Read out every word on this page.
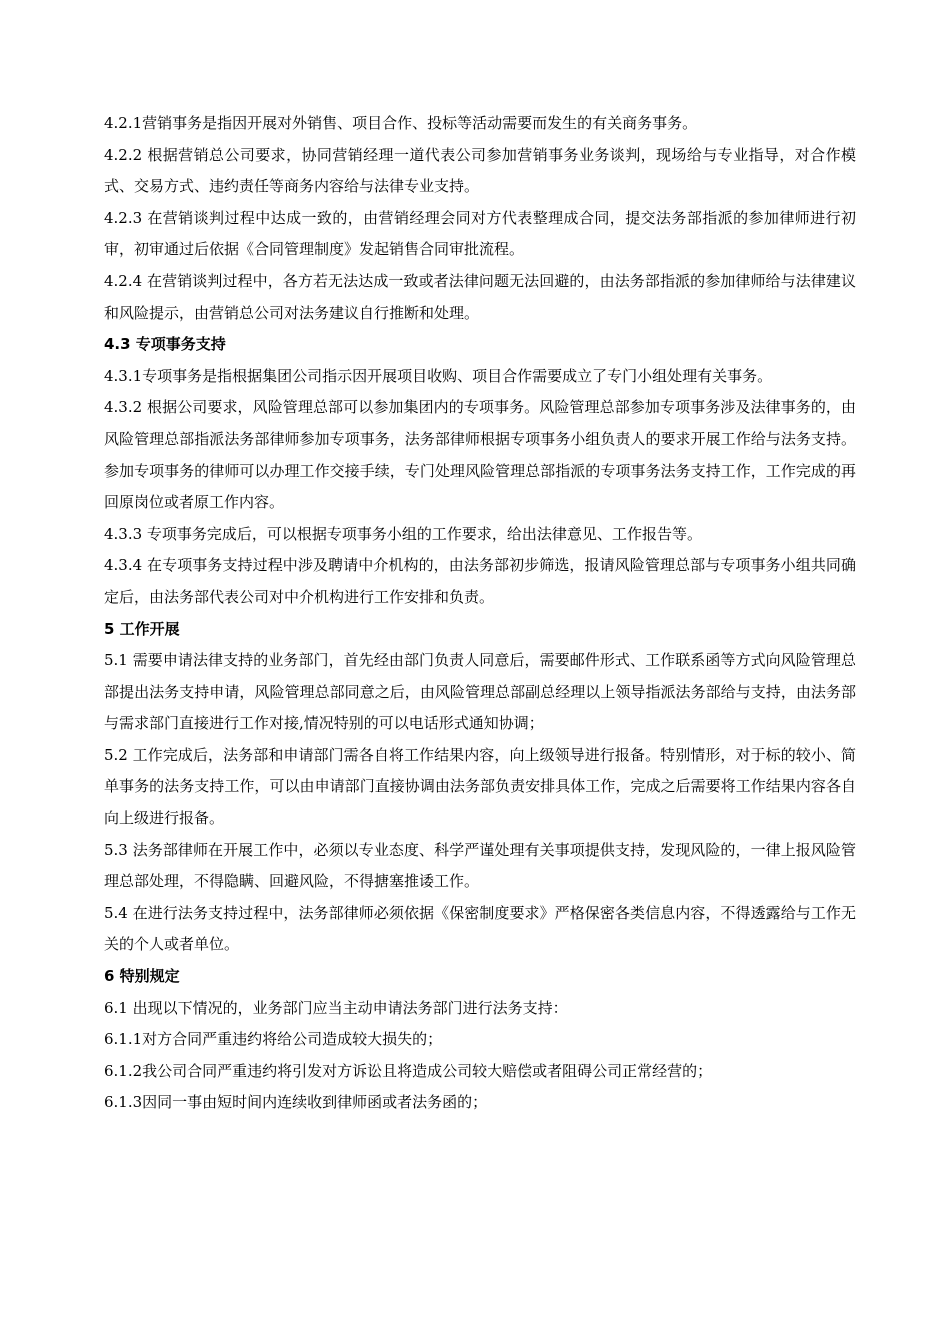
4.2.1营销事务是指因开展对外销售、项目合作、投标等活动需要而发生的有关商务事务。

4.2.2 根据营销总公司要求，协同营销经理一道代表公司参加营销事务业务谈判，现场给与专业指导，对合作模式、交易方式、违约责任等商务内容给与法律专业支持。

4.2.3 在营销谈判过程中达成一致的，由营销经理会同对方代表整理成合同，提交法务部指派的参加律师进行初审，初审通过后依据《合同管理制度》发起销售合同审批流程。

4.2.4 在营销谈判过程中，各方若无法达成一致或者法律问题无法回避的，由法务部指派的参加律师给与法律建议和风险提示，由营销总公司对法务建议自行推断和处理。

4.3 专项事务支持

4.3.1专项事务是指根据集团公司指示因开展项目收购、项目合作需要成立了专门小组处理有关事务。

4.3.2 根据公司要求，风险管理总部可以参加集团内的专项事务。风险管理总部参加专项事务涉及法律事务的，由风险管理总部指派法务部律师参加专项事务，法务部律师根据专项事务小组负责人的要求开展工作给与法务支持。参加专项事务的律师可以办理工作交接手续，专门处理风险管理总部指派的专项事务法务支持工作，工作完成的再回原岗位或者原工作内容。

4.3.3 专项事务完成后，可以根据专项事务小组的工作要求，给出法律意见、工作报告等。

4.3.4 在专项事务支持过程中涉及聘请中介机构的，由法务部初步筛选，报请风险管理总部与专项事务小组共同确定后，由法务部代表公司对中介机构进行工作安排和负责。

5 工作开展

5.1 需要申请法律支持的业务部门，首先经由部门负责人同意后，需要邮件形式、工作联系函等方式向风险管理总部提出法务支持申请，风险管理总部同意之后，由风险管理总部副总经理以上领导指派法务部给与支持，由法务部与需求部门直接进行工作对接,情况特别的可以电话形式通知协调；

5.2 工作完成后，法务部和申请部门需各自将工作结果内容，向上级领导进行报备。特别情形，对于标的较小、简单事务的法务支持工作，可以由申请部门直接协调由法务部负责安排具体工作，完成之后需要将工作结果内容各自向上级进行报备。

5.3 法务部律师在开展工作中，必须以专业态度、科学严谨处理有关事项提供支持，发现风险的，一律上报风险管理总部处理，不得隐瞒、回避风险，不得搪塞推诿工作。

5.4 在进行法务支持过程中，法务部律师必须依据《保密制度要求》严格保密各类信息内容，不得透露给与工作无关的个人或者单位。

6 特别规定

6.1 出现以下情况的，业务部门应当主动申请法务部门进行法务支持：

6.1.1对方合同严重违约将给公司造成较大损失的；

6.1.2我公司合同严重违约将引发对方诉讼且将造成公司较大赔偿或者阻碍公司正常经营的；

6.1.3因同一事由短时间内连续收到律师函或者法务函的；
